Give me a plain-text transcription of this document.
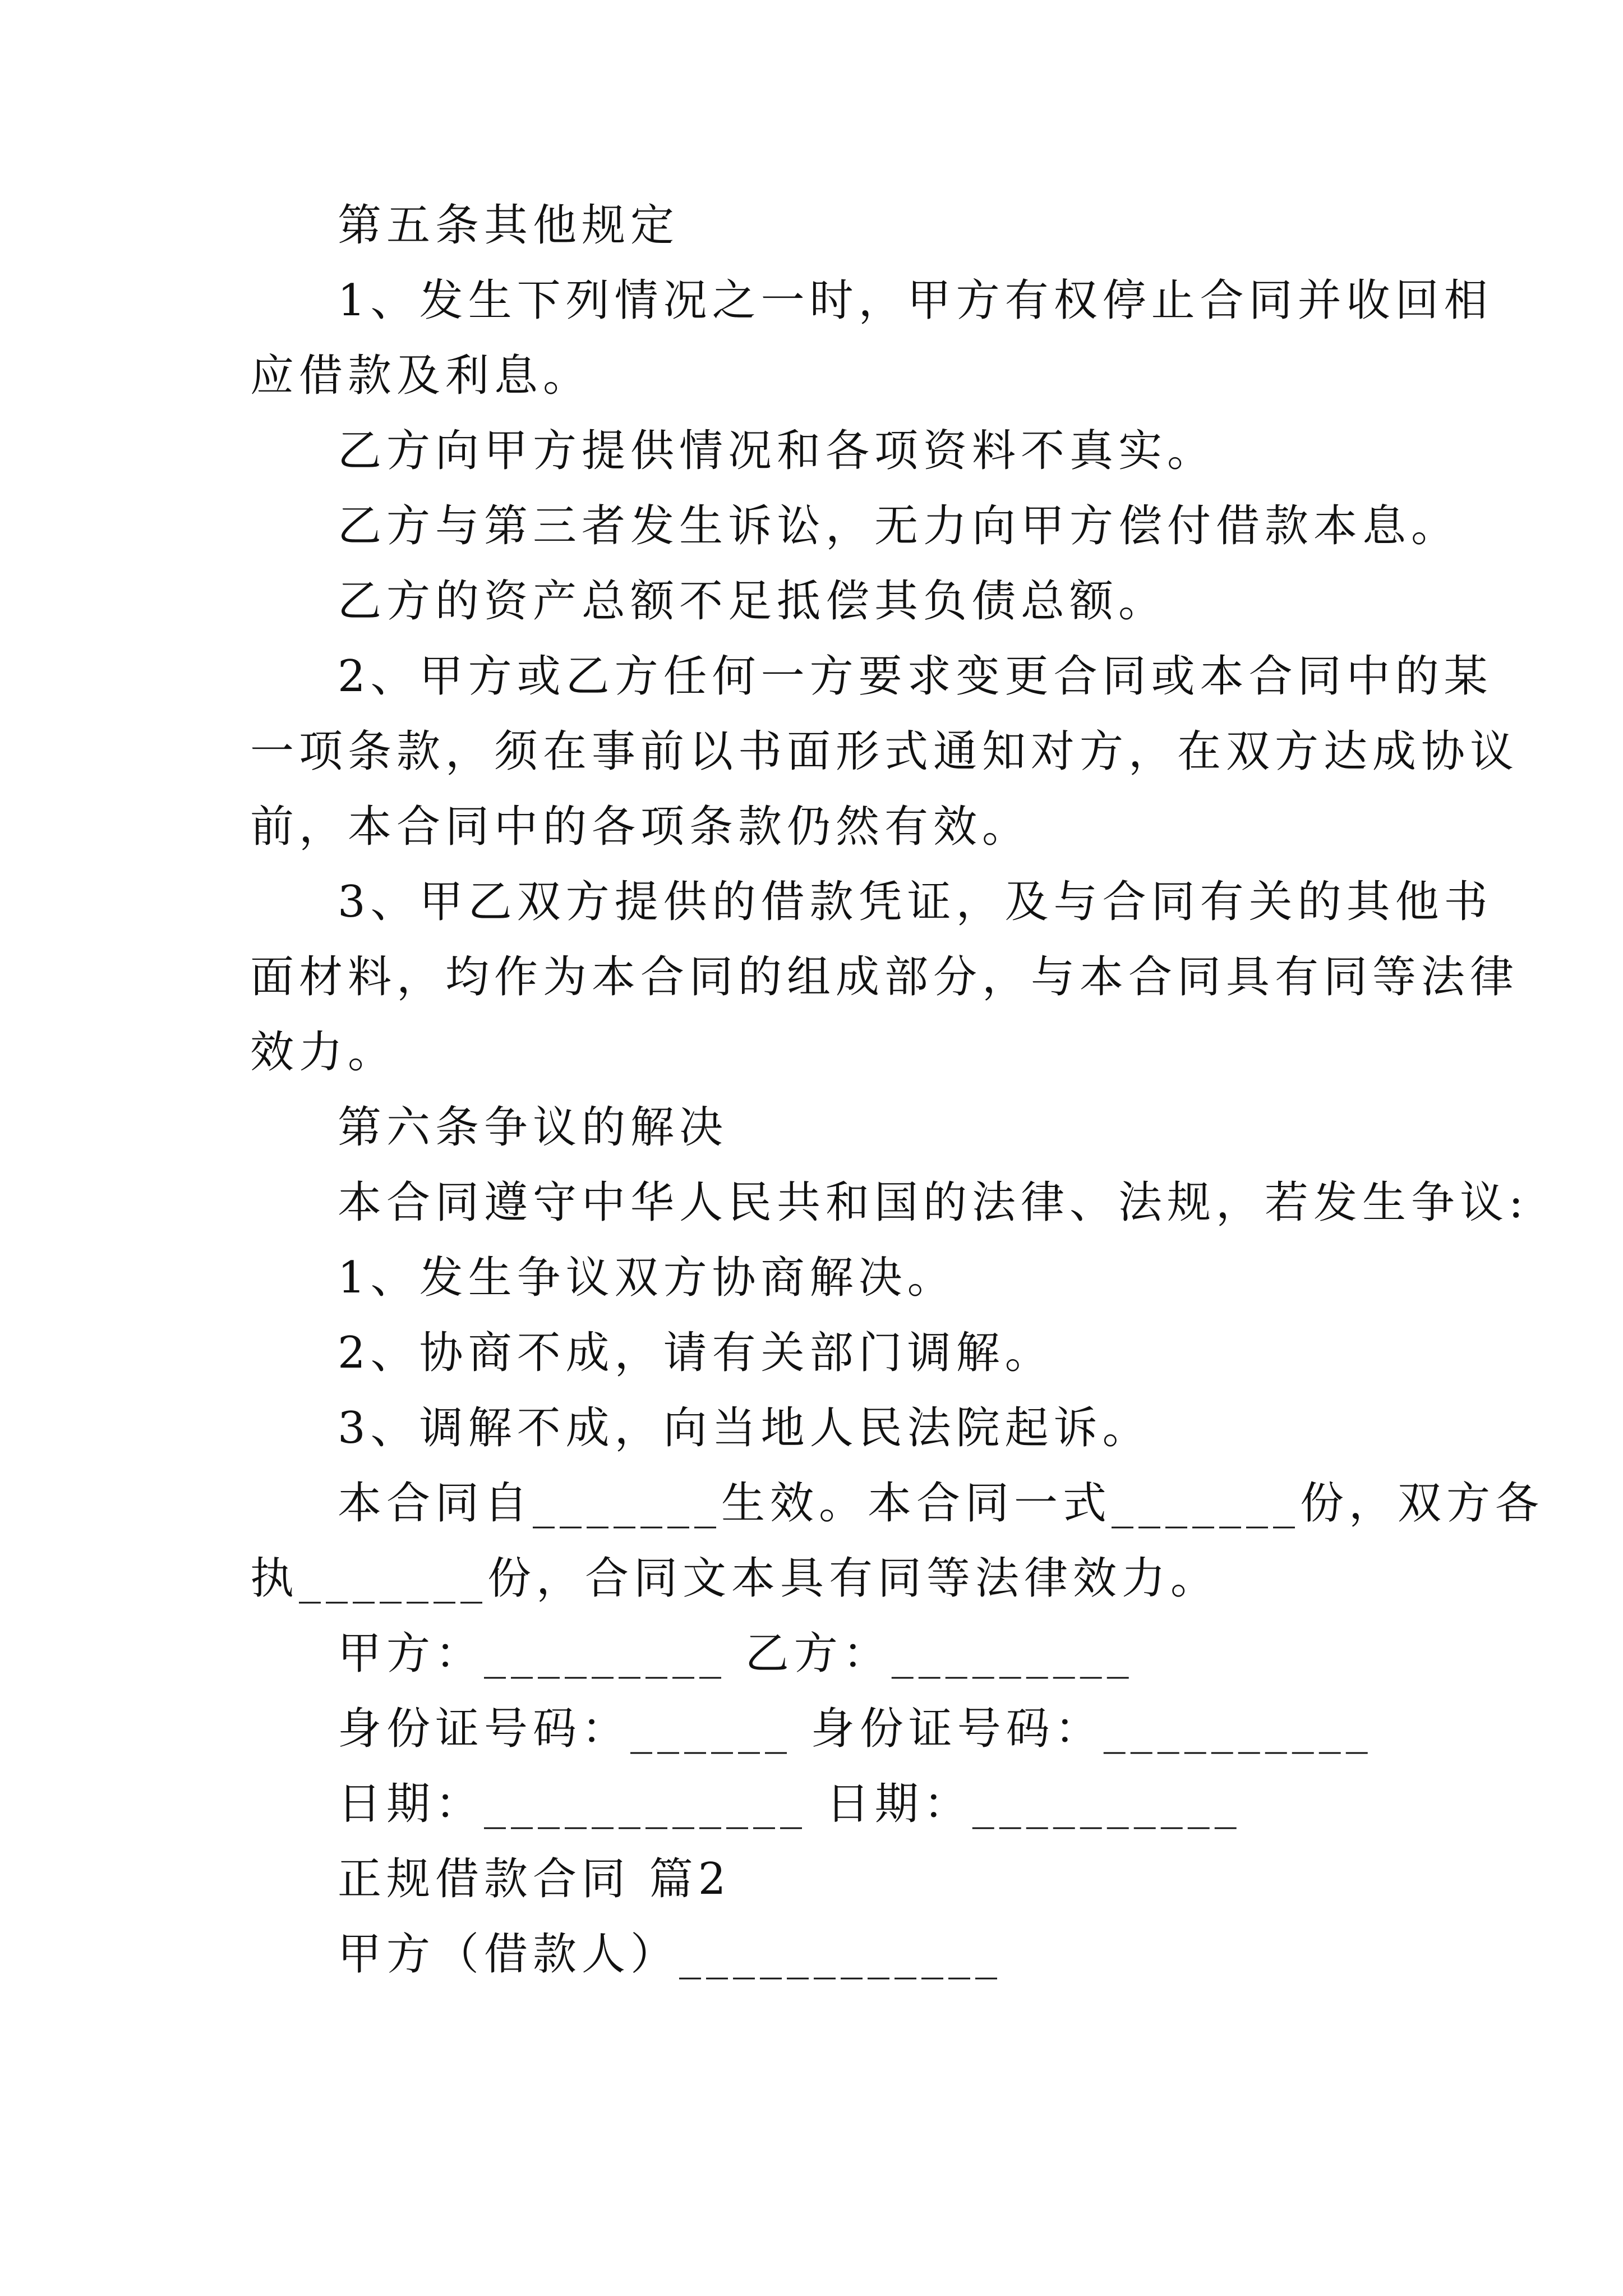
第五条其他规定

1、发生下列情况之一时，甲方有权停止合同并收回相

应借款及利息。

乙方向甲方提供情况和各项资料不真实。

乙方与第三者发生诉讼，无力向甲方偿付借款本息。

乙方的资产总额不足抵偿其负债总额。

2、甲方或乙方任何一方要求变更合同或本合同中的某

一项条款，须在事前以书面形式通知对方，在双方达成协议

前，本合同中的各项条款仍然有效。

3、甲乙双方提供的借款凭证，及与合同有关的其他书

面材料，均作为本合同的组成部分，与本合同具有同等法律

效力。

第六条争议的解决

本合同遵守中华人民共和国的法律、法规，若发生争议:

1、发生争议双方协商解决。

2、协商不成，请有关部门调解。

3、调解不成，向当地人民法院起诉。

本合同自_______生效。本合同一式_______份，双方各

执_______份，合同文本具有同等法律效力。

甲方：_________ 乙方：_________

身份证号码：______ 身份证号码：__________

日期：____________ 日期：__________

正规借款合同 篇2

甲方（借款人）____________
